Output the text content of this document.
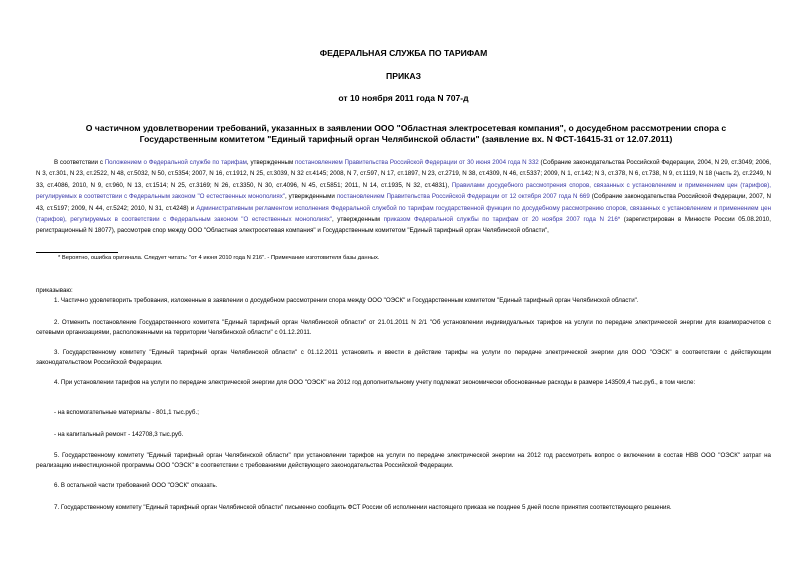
ФЕДЕРАЛЬНАЯ СЛУЖБА ПО ТАРИФАМ
ПРИКАЗ
от 10 ноября 2011 года N 707-д
О частичном удовлетворении требований, указанных в заявлении ООО "Областная электросетевая компания", о досудебном рассмотрении спора с
Государственным комитетом "Единый тарифный орган Челябинской области" (заявление вх. N ФСТ-16415-31 от 12.07.2011)
В соответствии с Положением о Федеральной службе по тарифам, утвержденным постановлением Правительства Российской Федерации от 30 июня 2004 года N 332 (Собрание законодательства Российской Федерации, 2004, N 29, ст.3049; 2006, N 3, ст.301, N 23, ст.2522, N 48, ст.5032, N 50, ст.5354; 2007, N 16, ст.1912, N 25, ст.3039, N 32 ст.4145; 2008, N 7, ст.597, N 17, ст.1897, N 23, ст.2719, N 38, ст.4309, N 46, ст.5337; 2009, N 1, ст.142; N 3, ст.378, N 6, ст.738, N 9, ст.1119, N 18 (часть 2), ст.2249, N 33, ст.4086, 2010, N 9, ст.960, N 13, ст.1514; N 25, ст.3169; N 26, ст.3350, N 30, ст.4096, N 45, ст.5851; 2011, N 14, ст.1935, N 32, ст.4831), Правилами досудебного рассмотрения споров, связанных с установлением и применением цен (тарифов), регулируемых в соответствии с Федеральным законом "О естественных монополиях", утвержденными постановлением Правительства Российской Федерации от 12 октября 2007 года N 669 (Собрание законодательства Российской Федерации, 2007, N 43, ст.5197; 2009, N 44, ст.5242; 2010, N 31, ст.4248) и Административным регламентом исполнения Федеральной службой по тарифам государственной функции по досудебному рассмотрению споров, связанных с установлением и применением цен (тарифов), регулируемых в соответствии с Федеральным законом "О естественных монополиях", утвержденным приказом Федеральной службы по тарифам от 20 ноября 2007 года N 216* (зарегистрирован в Минюсте России 05.08.2010, регистрационный N 18077), рассмотрев спор между ООО "Областная электросетевая компания" и Государственным комитетом "Единый тарифный орган Челябинской области",
* Вероятно, ошибка оригинала. Следует читать: "от 4 июня 2010 года N 216". - Примечание изготовителя базы данных.
приказываю:
1. Частично удовлетворить требования, изложенные в заявлении о досудебном рассмотрении спора между ООО "ОЭСК" и Государственным комитетом "Единый тарифный орган Челябинской области".
2. Отменить постановление Государственного комитета "Единый тарифный орган Челябинской области" от 21.01.2011 N 2/1 "Об установлении индивидуальных тарифов на услуги по передаче электрической энергии для взаиморасчетов с сетевыми организациями, расположенными на территории Челябинской области" с 01.12.2011.
3. Государственному комитету "Единый тарифный орган Челябинской области" с 01.12.2011 установить и ввести в действие тарифы на услуги по передаче электрической энергии для ООО "ОЭСК" в соответствии с действующим законодательством Российской Федерации.
4. При установлении тарифов на услуги по передаче электрической энергии для ООО "ОЭСК" на 2012 год дополнительному учету подлежат экономически обоснованные расходы в размере 143509,4 тыс.руб., в том числе:
- на вспомогательные материалы - 801,1 тыс.руб.;
- на капитальный ремонт - 142708,3 тыс.руб.
5. Государственному комитету "Единый тарифный орган Челябинской области" при установлении тарифов на услуги по передаче электрической энергии на 2012 год рассмотреть вопрос о включении в состав НВВ ООО "ОЭСК" затрат на реализацию инвестиционной программы ООО "ОЭСК" в соответствии с требованиями действующего законодательства Российской Федерации.
6. В остальной части требований ООО "ОЭСК" отказать.
7. Государственному комитету "Единый тарифный орган Челябинской области" письменно сообщить ФСТ России об исполнении настоящего приказа не позднее 5 дней после принятия соответствующего решения.
